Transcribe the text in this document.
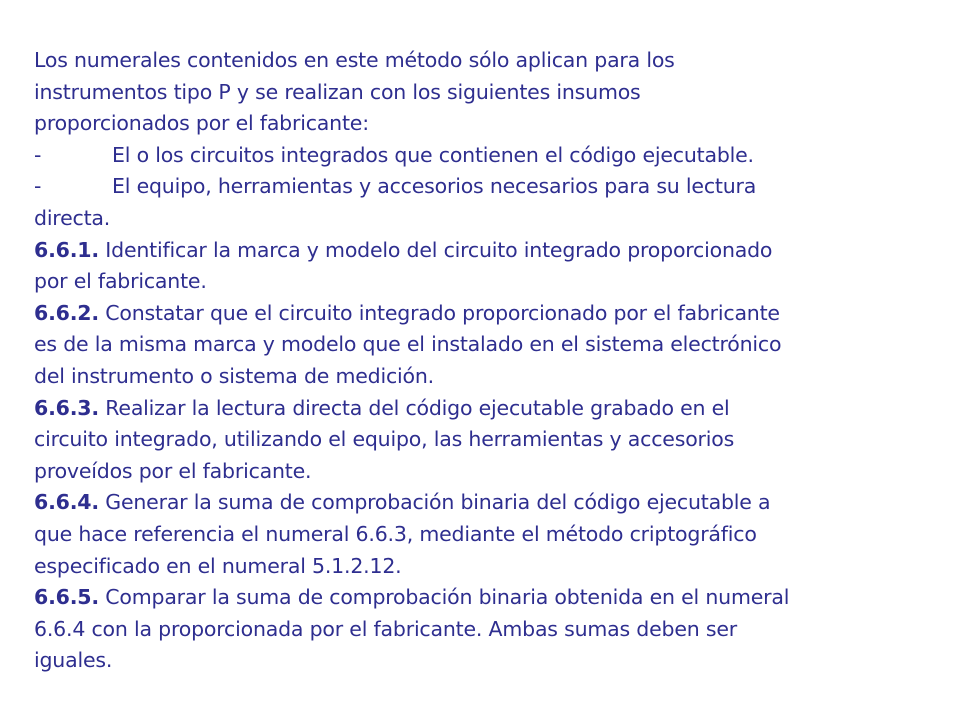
Los numerales contenidos en este método sólo aplican para los
instrumentos tipo P y se realizan con los siguientes insumos
proporcionados por el fabricante:
-	El o los circuitos integrados que contienen el código ejecutable.
-	El equipo, herramientas y accesorios necesarios para su lectura
directa.
6.6.1. Identificar la marca y modelo del circuito integrado proporcionado
por el fabricante.
6.6.2. Constatar que el circuito integrado proporcionado por el fabricante
es de la misma marca y modelo que el instalado en el sistema electrónico
del instrumento o sistema de medición.
6.6.3. Realizar la lectura directa del código ejecutable grabado en el
circuito integrado, utilizando el equipo, las herramientas y accesorios
proveídos por el fabricante.
6.6.4. Generar la suma de comprobación binaria del código ejecutable a
que hace referencia el numeral 6.6.3, mediante el método criptográfico
especificado en el numeral 5.1.2.12.
6.6.5. Comparar la suma de comprobación binaria obtenida en el numeral
6.6.4 con la proporcionada por el fabricante. Ambas sumas deben ser
iguales.
